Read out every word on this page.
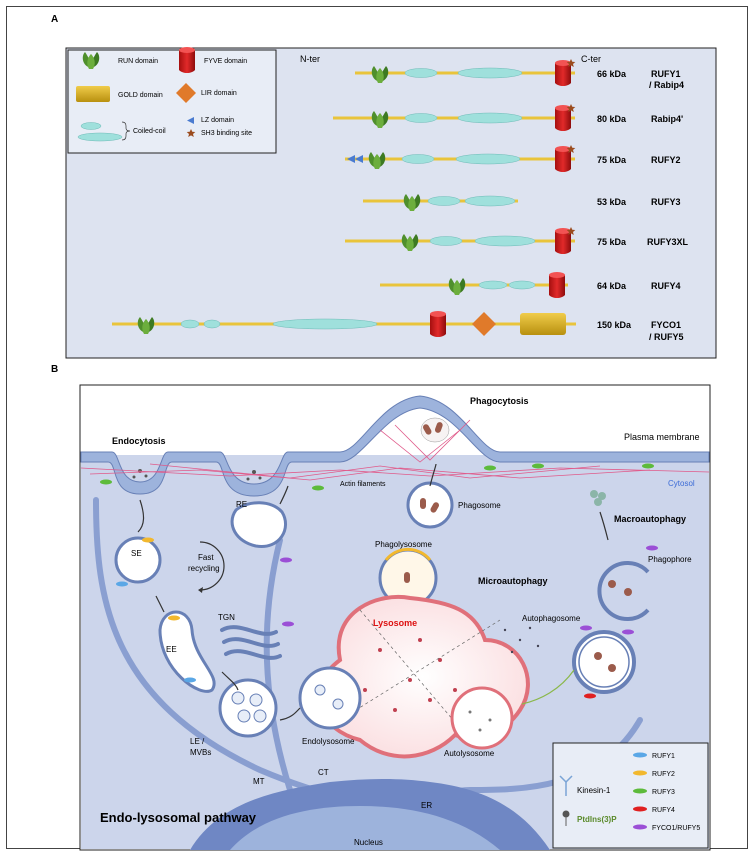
A
RUN domain
GOLD domain
Coiled-coil
FYVE domain
LIR domain
LZ domain
SH3 binding site
N-ter	C-ter
66 kDa	RUFY1
/ Rabip4
80 kDa	Rabip4'
75 kDa	RUFY2
53 kDa	RUFY3
75 kDa RUFY3XL
64 kDa	RUFY4
150 kDa FYCO1
/ RUFY5
B
SE
EE
RE
Fast
recycling
TGN
LE /
MVBs
Lysosome
Phagocytosis
Endocytosis	Plasma membrane
Actin filaments	Cytosol
Phagosome
Macroautophagy
Phagophore
Phagolysosome
Microautophagy
Autophagosome
Endolysosome
Autolysosome
MT
CT
ER
Nucleus
Endo-lysosomal pathway
Kinesin-1
PtdIns(3)P
RUFY1
RUFY2
RUFY3
RUFY4
FYCO1/RUFY5
